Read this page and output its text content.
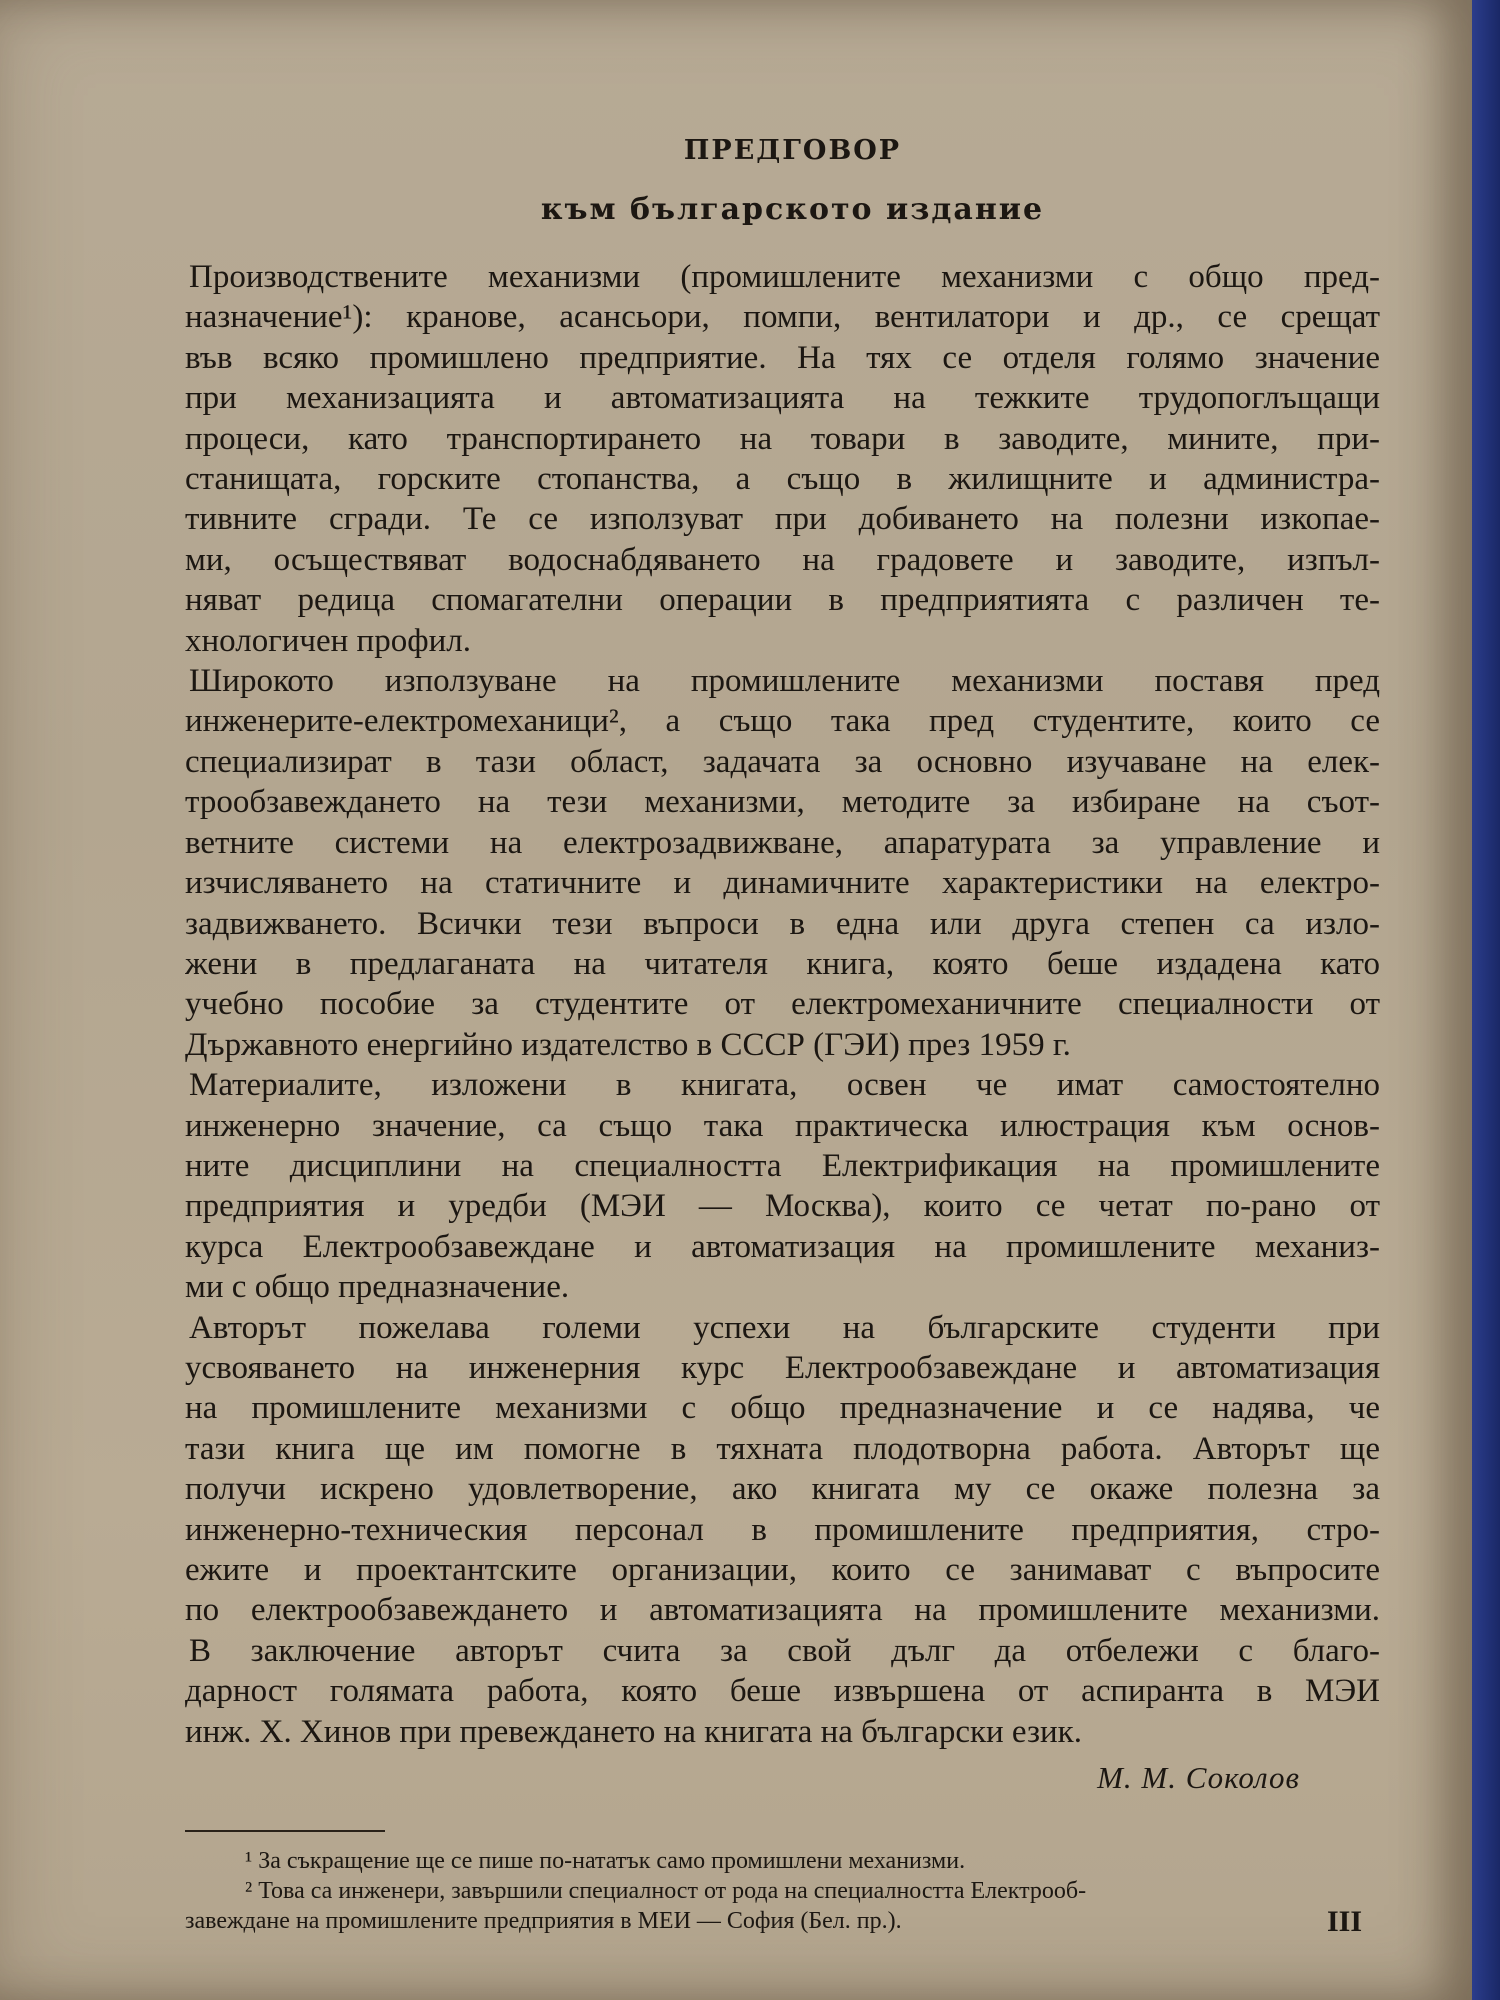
ПРЕДГОВОР
към българското издание
Производствените механизми (промишлените механизми с общо пред-
назначение¹): кранове, асансьори, помпи, вентилатори и др., се срещат
във всяко промишлено предприятие. На тях се отделя голямо значение
при механизацията и автоматизацията на тежките трудопоглъщащи
процеси, като транспортирането на товари в заводите, мините, при-
станищата, горските стопанства, а също в жилищните и администра-
тивните сгради. Те се използуват при добиването на полезни изкопае-
ми, осъществяват водоснабдяването на градовете и заводите, изпъл-
няват редица спомагателни операции в предприятията с различен те-
хнологичен профил.
Широкото използуване на промишлените механизми поставя пред
инженерите-електромеханици², а също така пред студентите, които се
специализират в тази област, задачата за основно изучаване на елек-
трообзавеждането на тези механизми, методите за избиране на съот-
ветните системи на електрозадвижване, апаратурата за управление и
изчисляването на статичните и динамичните характеристики на електро-
задвижването. Всички тези въпроси в една или друга степен са изло-
жени в предлаганата на читателя книга, която беше издадена като
учебно пособие за студентите от електромеханичните специалности от
Държавното енергийно издателство в СССР (ГЭИ) през 1959 г.
Материалите, изложени в книгата, освен че имат самостоятелно
инженерно значение, са също така практическа илюстрация към основ-
ните дисциплини на специалността Електрификация на промишлените
предприятия и уредби (МЭИ — Москва), които се четат по-рано от
курса Електрообзавеждане и автоматизация на промишлените механиз-
ми с общо предназначение.
Авторът пожелава големи успехи на българските студенти при
усвояването на инженерния курс Електрообзавеждане и автоматизация
на промишлените механизми с общо предназначение и се надява, че
тази книга ще им помогне в тяхната плодотворна работа. Авторът ще
получи искрено удовлетворение, ако книгата му се окаже полезна за
инженерно-техническия персонал в промишлените предприятия, стро-
ежите и проектантските организации, които се занимават с въпросите
по електрообзавеждането и автоматизацията на промишлените механизми.
В заключение авторът счита за свой дълг да отбележи с благо-
дарност голямата работа, която беше извършена от аспиранта в МЭИ
инж. Х. Хинов при превеждането на книгата на български език.
М. М. Соколов
¹ За съкращение ще се пише по-нататък само промишлени механизми.
² Това са инженери, завършили специалност от рода на специалността Електрооб-
завеждане на промишлените предприятия в МЕИ — София (Бел. пр.).	III
